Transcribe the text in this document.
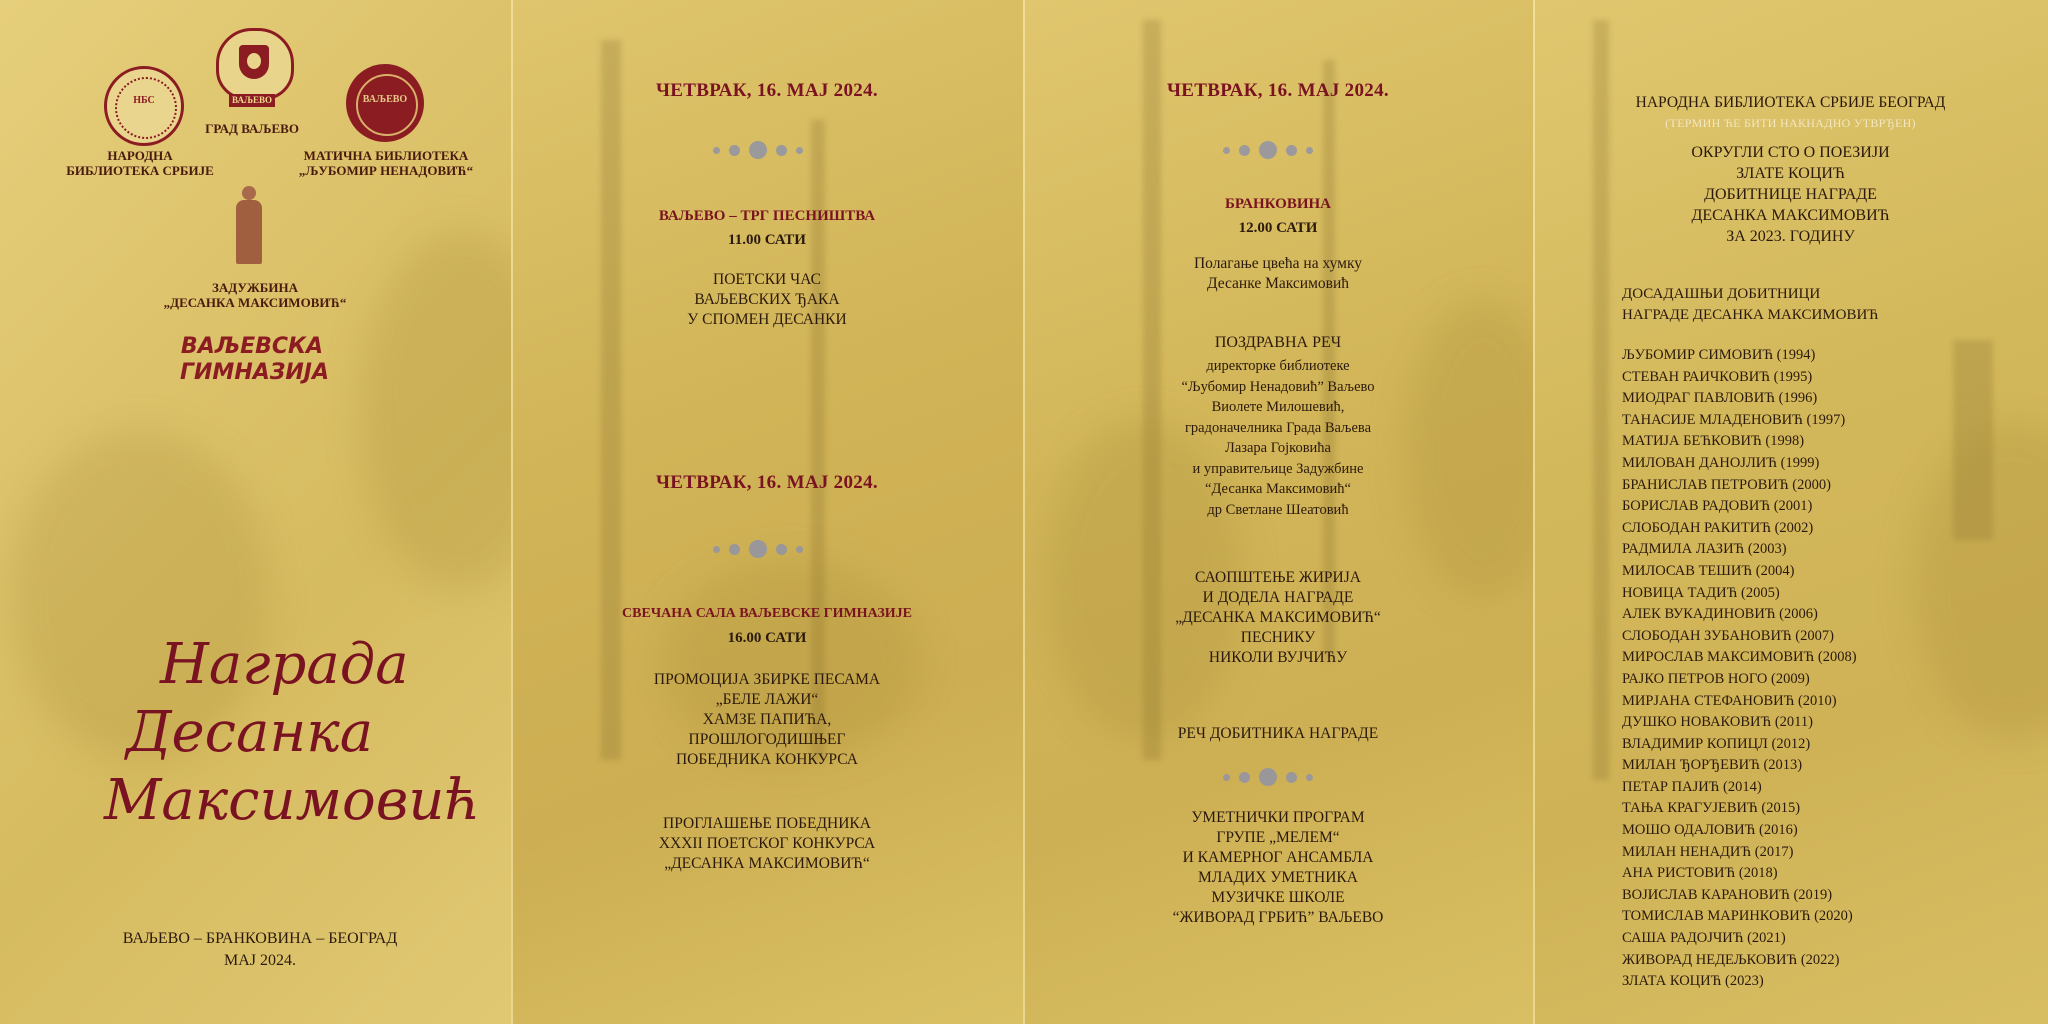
НБС
НАРОДНА
БИБЛИОТЕКА СРБИЈЕ
ВАЉЕВО
ГРАД ВАЉЕВО
ВАЉЕВО
МАТИЧНА БИБЛИОТЕКА
„ЉУБОМИР НЕНАДОВИЋ“
ЗАДУЖБИНА
„ДЕСАНКА МАКСИМОВИЋ“
ВАЉЕВСКА
ГИМНАЗИЈА
Награда
Десанка
Максимовић
ВАЉЕВО – БРАНКОВИНА – БЕОГРАД
МАЈ 2024.
ЧЕТВРАК, 16. МАЈ 2024.
ВАЉЕВО – ТРГ ПЕСНИШТВА
11.00 САТИ
ПОЕТСКИ ЧАС
ВАЉЕВСКИХ ЂАКА
У СПОМЕН ДЕСАНКИ
ЧЕТВРАК, 16. МАЈ 2024.
СВЕЧАНА САЛА ВАЉЕВСКЕ ГИМНАЗИЈЕ
16.00 САТИ
ПРОМОЦИЈА ЗБИРКЕ ПЕСАМА
„БЕЛЕ ЛАЖИ“
ХАМЗЕ ПАПИЋА,
ПРОШЛОГОДИШЊЕГ
ПОБЕДНИКА КОНКУРСА
ПРОГЛАШЕЊЕ ПОБЕДНИКА
XXXII ПОЕТСКОГ КОНКУРСА
„ДЕСАНКА МАКСИМОВИЋ“
ЧЕТВРАК, 16. МАЈ 2024.
БРАНКОВИНА
12.00 САТИ
Полагање цвећа на хумку
Десанке Максимовић
ПОЗДРАВНА РЕЧ
директорке библиотеке
“Љубомир Ненадовић” Ваљево
Виолете Милошевић,
градоначелника Града Ваљева
Лазара Гојковића
и управитељице Задужбине
“Десанка Максимовић“
др Светлане Шеатовић
САОПШТЕЊЕ ЖИРИЈА
И ДОДЕЛА НАГРАДЕ
„ДЕСАНКА МАКСИМОВИЋ“
ПЕСНИКУ
НИКОЛИ ВУЈЧИЋУ
РЕЧ ДОБИТНИКА НАГРАДЕ
УМЕТНИЧКИ ПРОГРАМ
ГРУПЕ „МЕЛЕМ“
И КАМЕРНОГ АНСАМБЛА
МЛАДИХ УМЕТНИКА
МУЗИЧКЕ ШКОЛЕ
“ЖИВОРАД ГРБИЋ” ВАЉЕВО
НАРОДНА БИБЛИОТЕКА СРБИЈЕ БЕОГРАД
(ТЕРМИН ЋЕ БИТИ НАКНАДНО УТВРЂЕН)
ОКРУГЛИ СТО О ПОЕЗИЈИ
ЗЛАТЕ КОЦИЋ
ДОБИТНИЦЕ НАГРАДЕ
ДЕСАНКА МАКСИМОВИЋ
ЗА 2023. ГОДИНУ
ДОСАДАШЊИ ДОБИТНИЦИ
НАГРАДЕ ДЕСАНКА МАКСИМОВИЋ
ЉУБОМИР СИМОВИЋ (1994)
СТЕВАН РАИЧКОВИЋ (1995)
МИОДРАГ ПАВЛОВИЋ (1996)
ТАНАСИЈЕ МЛАДЕНОВИЋ (1997)
МАТИЈА БЕЋКОВИЋ (1998)
МИЛОВАН ДАНОЈЛИЋ (1999)
БРАНИСЛАВ ПЕТРОВИЋ (2000)
БОРИСЛАВ РАДОВИЋ (2001)
СЛОБОДАН РАКИТИЋ (2002)
РАДМИЛА ЛАЗИЋ (2003)
МИЛОСАВ ТЕШИЋ (2004)
НОВИЦА ТАДИЋ (2005)
АЛЕК ВУКАДИНОВИЋ (2006)
СЛОБОДАН ЗУБАНОВИЋ (2007)
МИРОСЛАВ МАКСИМОВИЋ (2008)
РАЈКО ПЕТРОВ НОГО (2009)
МИРЈАНА СТЕФАНОВИЋ (2010)
ДУШКО НОВАКОВИЋ (2011)
ВЛАДИМИР КОПИЦЛ (2012)
МИЛАН ЂОРЂЕВИЋ (2013)
ПЕТАР ПАЈИЋ (2014)
ТАЊА КРАГУЈЕВИЋ (2015)
МОШО ОДАЛОВИЋ (2016)
МИЛАН НЕНАДИЋ (2017)
АНА РИСТОВИЋ (2018)
ВОЈИСЛАВ КАРАНОВИЋ (2019)
ТОМИСЛАВ МАРИНКОВИЋ (2020)
САША РАДОЈЧИЋ (2021)
ЖИВОРАД НЕДЕЉКОВИЋ (2022)
ЗЛАТА КОЦИЋ (2023)
